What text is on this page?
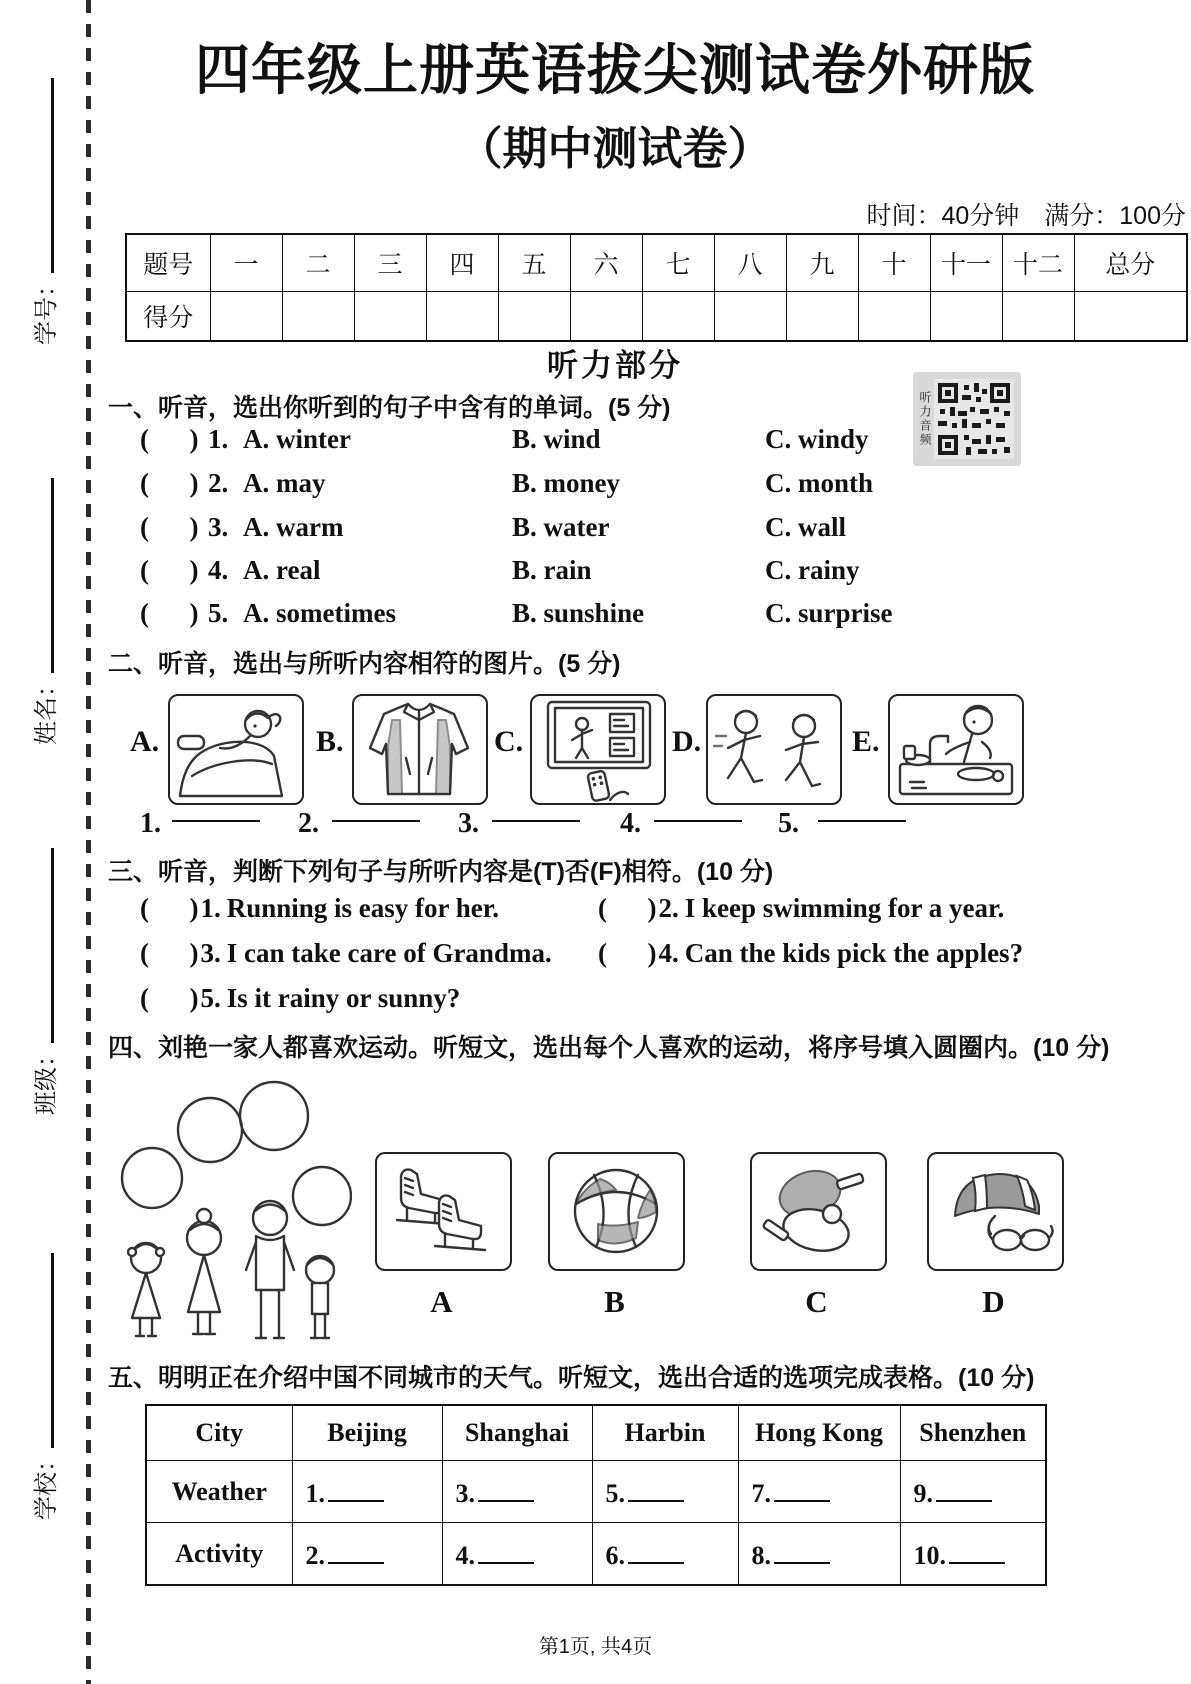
学号：
姓名：
班级：
学校：
四年级上册英语拔尖测试卷外研版
（期中测试卷）
时间：40分钟　满分：100分
题号	一	二	三	四	五	六	七	八	九	十	十一	十二	总分
得分													
听力部分
一、听音，选出你听到的句子中含有的单词。(5 分)	听力音频
(      ) 1. A. winter	B. wind	C. windy
(      ) 2. A. may	B. money	C. month
(      ) 3. A. warm	B. water	C. wall
(      ) 4. A. real	B. rain	C. rainy
(      ) 5. A. sometimes	B. sunshine	C. surprise
二、听音，选出与所听内容相符的图片。(5 分)
A.	B.	C.	D.	E.
1.	2.	3.	4.	5.
三、听音，判断下列句子与所听内容是(T)否(F)相符。(10 分)
(      )1. Running is easy for her.	(      )2. I keep swimming for a year.
(      )3. I can take care of Grandma. (      )4. Can the kids pick the apples?
(      )5. Is it rainy or sunny?
四、刘艳一家人都喜欢运动。听短文，选出每个人喜欢的运动，将序号填入圆圈内。(10 分)
A	B	C	D
五、明明正在介绍中国不同城市的天气。听短文，选出合适的选项完成表格。(10 分)
City	Beijing	Shanghai	Harbin	Hong Kong	Shenzhen
Weather	1.	3.	5.	7.	9.
Activity	2.	4.	6.	8.	10.
第1页, 共4页
